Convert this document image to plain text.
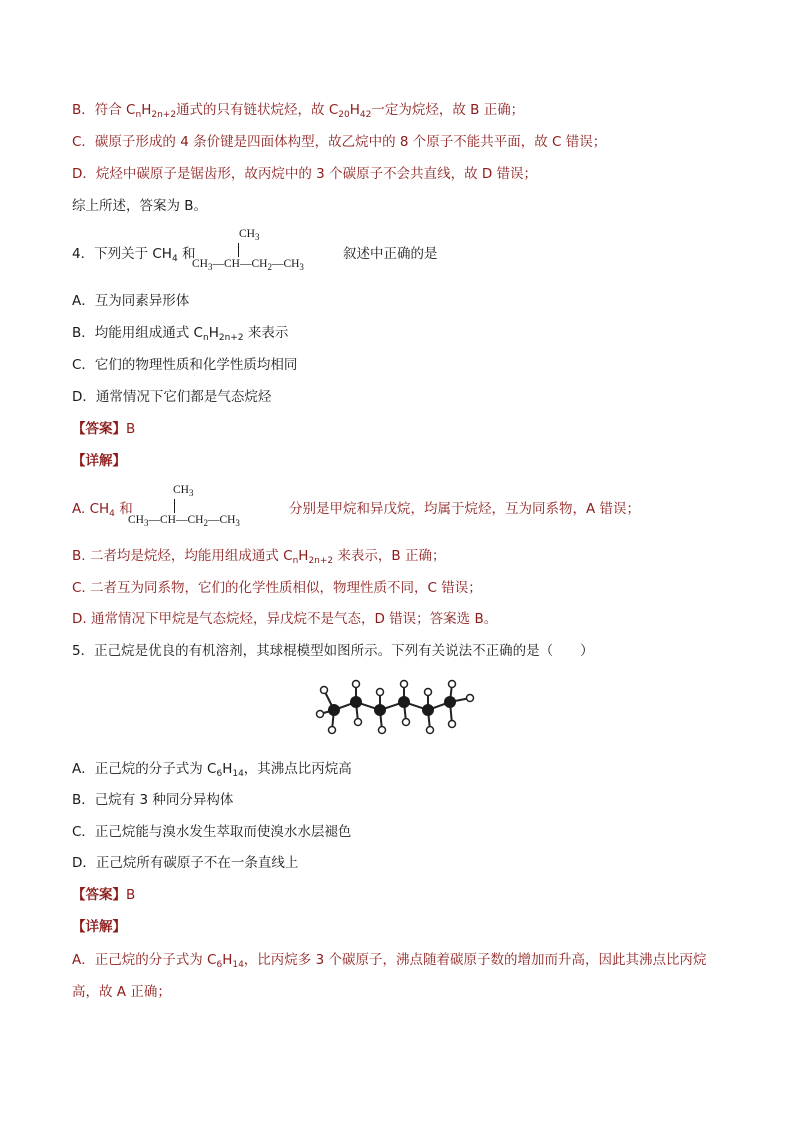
B．符合 $C_nH_{2n+2}$通式的只有链状烷烃，故 $C_{20}H_{42}$一定为烷烃，故 B 正确；
C．碳原子形成的 4 条价键是四面体构型，故乙烷中的 8 个原子不能共平面，故 C 错误；
D．烷烃中碳原子是锯齿形，故丙烷中的 3 个碳原子不会共直线，故 D 错误；
综上所述，答案为 B。
4．下列关于 $CH_4$ 和
$CH_3$
$CH_3—CH—CH_2—CH_3$
叙述中正确的是
A．互为同素异形体
B．均能用组成通式 $C_nH_{2n+2}$ 来表示
C．它们的物理性质和化学性质均相同
D．通常情况下它们都是气态烷烃
【答案】B
【详解】
A. $CH_4$ 和
$CH_3$
$CH_3—CH—CH_2—CH_3$
分别是甲烷和异戊烷，均属于烷烃，互为同系物，A 错误；
B. 二者均是烷烃，均能用组成通式 $C_nH_{2n+2}$ 来表示，B 正确；
C. 二者互为同系物，它们的化学性质相似，物理性质不同，C 错误；
D. 通常情况下甲烷是气态烷烃，异戊烷不是气态，D 错误；答案选 B。
5．正己烷是优良的有机溶剂，其球棍模型如图所示。下列有关说法不正确的是（　　）
A．正己烷的分子式为 $C_6H_{14}$，其沸点比丙烷高
B．己烷有 3 种同分异构体
C．正己烷能与溴水发生萃取而使溴水水层褪色
D．正己烷所有碳原子不在一条直线上
【答案】B
【详解】
A．正己烷的分子式为 $C_6H_{14}$，比丙烷多 3 个碳原子，沸点随着碳原子数的增加而升高，因此其沸点比丙烷
高，故 A 正确；
